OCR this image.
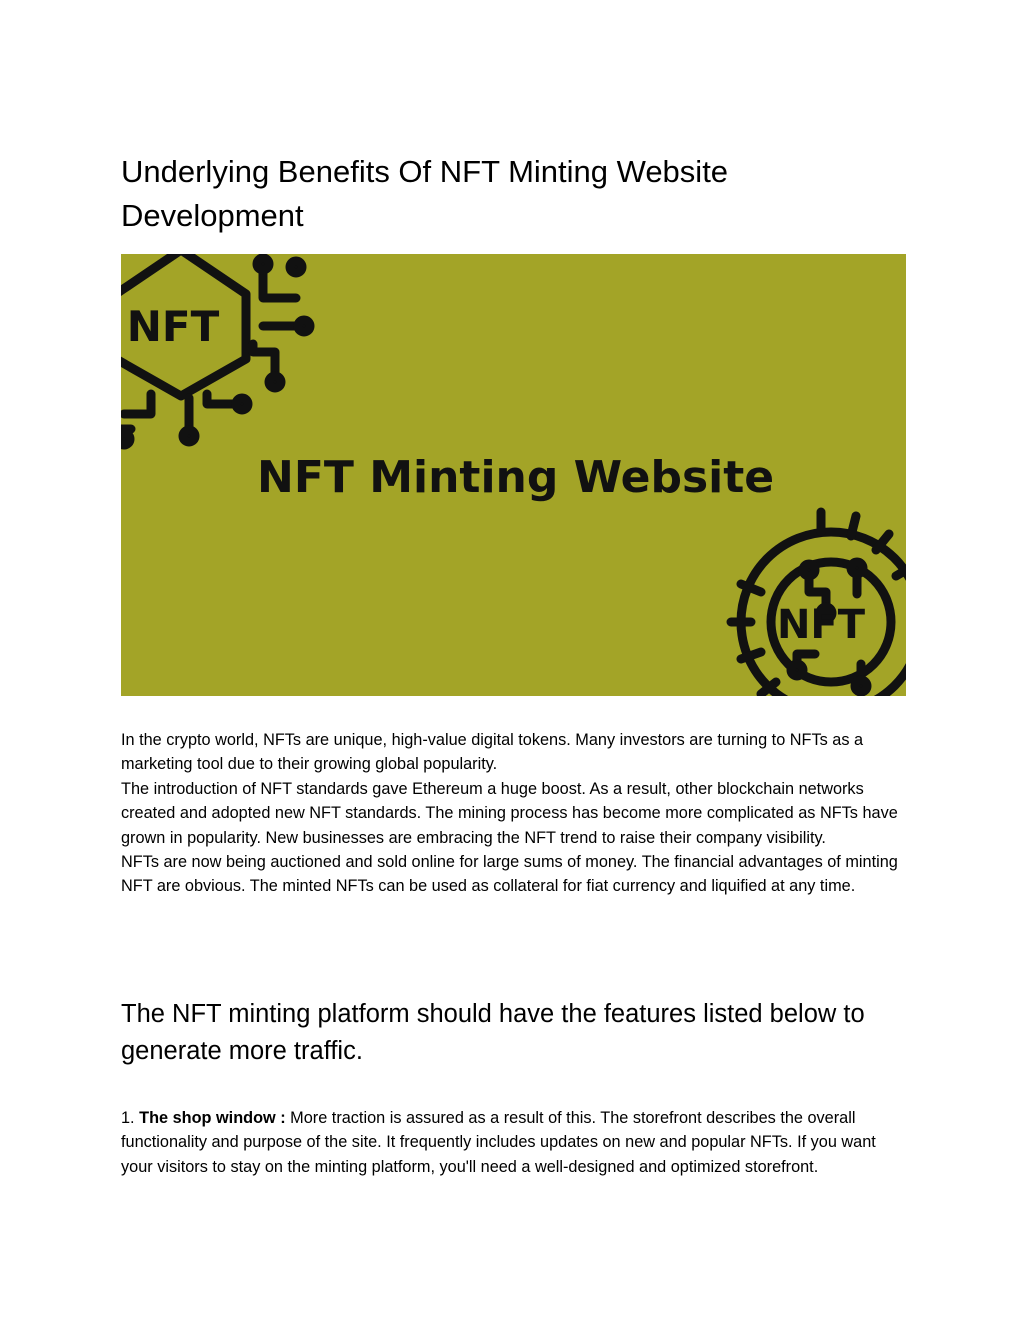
Underlying Benefits Of NFT Minting Website Development
NFT
NFT Minting Website
NFT

In the crypto world, NFTs are unique, high-value digital tokens. Many investors are turning to NFTs as a marketing tool due to their growing global popularity.

The introduction of NFT standards gave Ethereum a huge boost. As a result, other blockchain networks created and adopted new NFT standards. The mining process has become more complicated as NFTs have grown in popularity. New businesses are embracing the NFT trend to raise their company visibility.

NFTs are now being auctioned and sold online for large sums of money. The financial advantages of minting NFT are obvious. The minted NFTs can be used as collateral for fiat currency and liquified at any time.

The NFT minting platform should have the features listed below to generate more traffic.

1. The shop window : More traction is assured as a result of this. The storefront describes the overall functionality and purpose of the site. It frequently includes updates on new and popular NFTs. If you want your visitors to stay on the minting platform, you'll need a well-designed and optimized storefront.
